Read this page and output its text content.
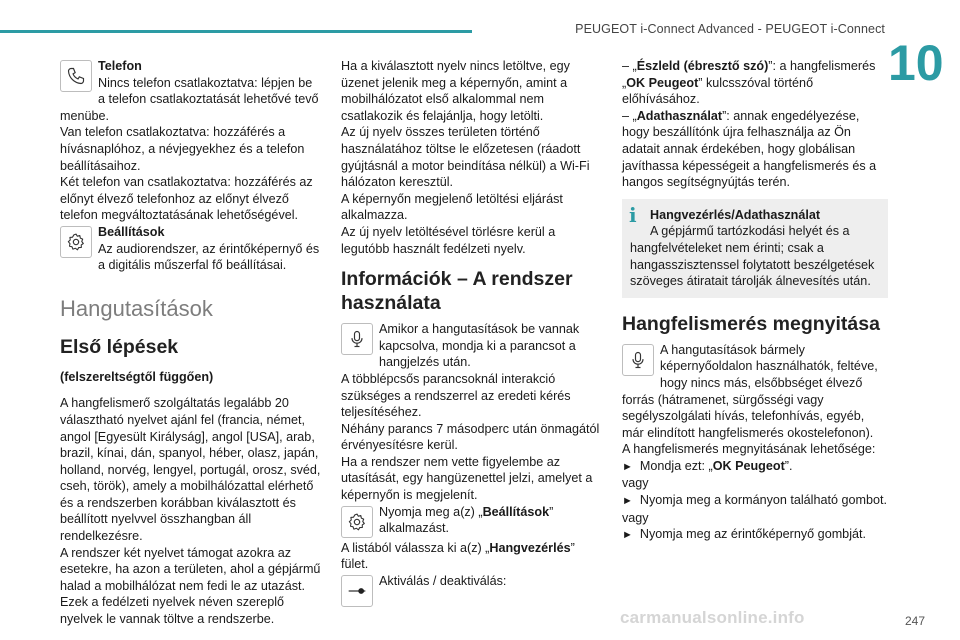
PEUGEOT i-Connect Advanced - PEUGEOT i-Connect
10

Telefon

Nincs telefon csatlakoztatva: lépjen be a telefon csatlakoztatását lehetővé tevő menübe.

Van telefon csatlakoztatva: hozzáférés a hívásnaplóhoz, a névjegyekhez és a telefon beállításaihoz.

Két telefon van csatlakoztatva: hozzáférés az előnyt élvező telefonhoz az előnyt élvező telefon megváltoztatásának lehetőségével.

Beállítások

Az audiorendszer, az érintőképernyő és a digitális műszerfal fő beállításai.

Hangutasítások
Első lépések
(felszereltségtől függően)

A hangfelismerő szolgáltatás legalább 20 választható nyelvet ajánl fel (francia, német, angol [Egyesült Királyság], angol [USA], arab, brazil, kínai, dán, spanyol, héber, olasz, japán, holland, norvég, lengyel, portugál, orosz, svéd, cseh, török), amely a mobilhálózattal elérhető és a rendszerben korábban kiválasztott és beállított nyelvvel összhangban áll rendelkezésre.

A rendszer két nyelvet támogat azokra az esetekre, ha azon a területen, ahol a gépjármű halad a mobilhálózat nem fedi le az utazást.

Ezek a fedélzeti nyelvek néven szereplő nyelvek le vannak töltve a rendszerbe.

Ha a kiválasztott nyelv nincs letöltve, egy üzenet jelenik meg a képernyőn, amint a mobilhálózatot első alkalommal nem csatlakozik és felajánlja, hogy letölti.

Az új nyelv összes területen történő használatához töltse le előzetesen (ráadott gyújtásnál a motor beindítása nélkül) a Wi-Fi hálózaton keresztül.

A képernyőn megjelenő letöltési eljárást alkalmazza.

Az új nyelv letöltésével törlésre kerül a legutóbb használt fedélzeti nyelv.

Információk – A rendszer használata

Amikor a hangutasítások be vannak kapcsolva, mondja ki a parancsot a hangjelzés után.

A többlépcsős parancsoknál interakció szükséges a rendszerrel az eredeti kérés teljesítéséhez.

Néhány parancs 7 másodperc után önmagától érvényesítésre kerül.

Ha a rendszer nem vette figyelembe az utasítását, egy hangüzenettel jelzi, amelyet a képernyőn is megjelenít.

Nyomja meg a(z) „Beállítások” alkalmazást.

A listából válassza ki a(z) „Hangvezérlés” fület.

Aktiválás / deaktiválás:

– „Észleld (ébresztő szó)”: a hangfelismerés „OK Peugeot” kulcsszóval történő előhívásához.

– „Adathasználat”: annak engedélyezése, hogy beszállítónk újra felhasználja az Ön adatait annak érdekében, hogy globálisan javíthassa képességeit a hangfelismerés és a hangos segítségnyújtás terén.

i	Hangvezérlés/Adathasználat

A gépjármű tartózkodási helyét és a hangfelvételeket nem érinti; csak a hangasszisztenssel folytatott beszélgetések szöveges átiratait tárolják álnevesítés után.

Hangfelismerés megnyitása

A hangutasítások bármely képernyőoldalon használhatók, feltéve, hogy nincs más, elsőbbséget élvező forrás (hátramenet, sürgősségi vagy segélyszolgálati hívás, telefonhívás, egyéb, már elindított hangfelismerés okostelefonon).

A hangfelismerés megnyitásának lehetősége:

► Mondja ezt: „OK Peugeot”.

vagy

► Nyomja meg a kormányon található gombot.

vagy

► Nyomja meg az érintőképernyő gombját.

carmanualsonline.info	247
